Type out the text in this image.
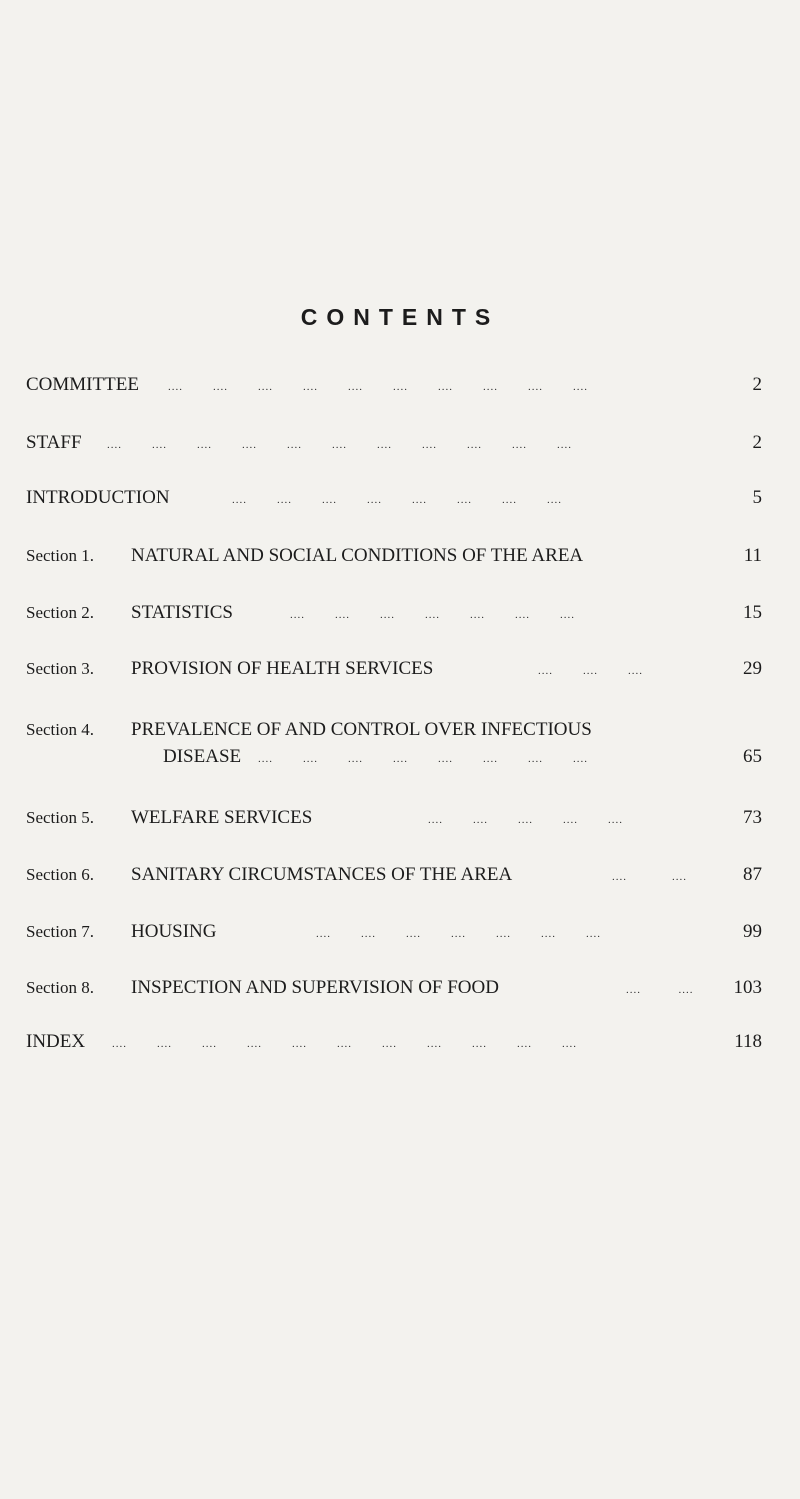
CONTENTS
COMMITTEE	....	....	....	....	....	....	....	....	....	....	2
STAFF ....	....	....	....	....	....	....	....	....	....	....	2
INTRODUCTION	....	....	....	....	....	....	....	....	5
Section 1. NATURAL AND SOCIAL CONDITIONS OF THE AREA	11
Section 2. STATISTICS	....	....	....	....	....	....	....	15
Section 3. PROVISION OF HEALTH SERVICES	....	....	....	29
Section 4. PREVALENCE OF AND CONTROL OVER INFECTIOUS
DISEASE ....	....	....	....	....	....	....	....	65
Section 5. WELFARE SERVICES	....	....	....	....	....	73
Section 6. SANITARY CIRCUMSTANCES OF THE AREA	....	....	87
Section 7. HOUSING	....	....	....	....	....	....	....	99
Section 8. INSPECTION AND SUPERVISION OF FOOD	....	.... 103
INDEX ....	....	....	....	....	....	....	....	....	....	....	118
